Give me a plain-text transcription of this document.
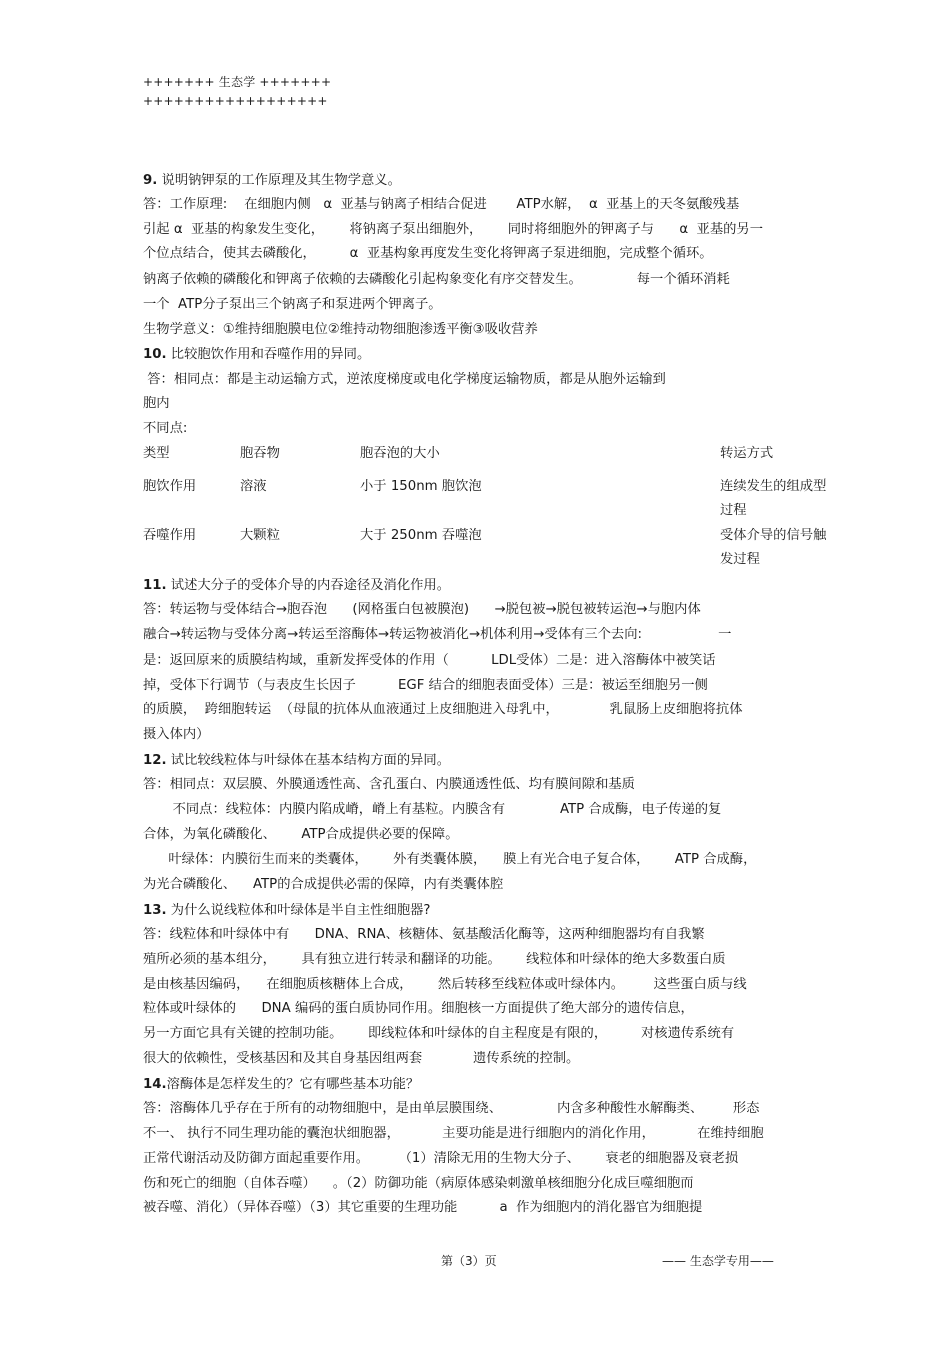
+++++++ 生态学 +++++++
++++++++++++++++++
9. 说明钠钾泵的工作原理及其生物学意义。
答：工作原理:    在细胞内侧   α  亚基与钠离子相结合促进       ATP水解，  α  亚基上的天冬氨酸残基
引起 α  亚基的构象发生变化，      将钠离子泵出细胞外，      同时将细胞外的钾离子与      α  亚基的另一
个位点结合，使其去磷酸化，        α  亚基构象再度发生变化将钾离子泵进细胞，完成整个循环。
钠离子依赖的磷酸化和钾离子依赖的去磷酸化引起构象变化有序交替发生。             每一个循环消耗
一个  ATP分子泵出三个钠离子和泵进两个钾离子。
生物学意义：①维持细胞膜电位②维持动物细胞渗透平衡③吸收营养
10. 比较胞饮作用和吞噬作用的异同。
答：相同点：都是主动运输方式，逆浓度梯度或电化学梯度运输物质，都是从胞外运输到
胞内
不同点:
类型	胞吞物	胞吞泡的大小	转运方式
胞饮作用	溶液	小于 150nm 胞饮泡	连续发生的组成型
过程
吞噬作用	大颗粒	大于 250nm 吞噬泡	受体介导的信号触
发过程
11. 试述大分子的受体介导的内吞途径及消化作用。
答：转运物与受体结合→胞吞泡      (网格蛋白包被膜泡)      →脱包被→脱包被转运泡→与胞内体
融合→转运物与受体分离→转运至溶酶体→转运物被消化→机体利用→受体有三个去向:                  一
是：返回原来的质膜结构域，重新发挥受体的作用（          LDL受体）二是：进入溶酶体中被笑话
掉，受体下行调节（与表皮生长因子          EGF 结合的细胞表面受体）三是：被运至细胞另一侧
的质膜，  跨细胞转运  （母鼠的抗体从血液通过上皮细胞进入母乳中，            乳鼠肠上皮细胞将抗体
摄入体内）
12. 试比较线粒体与叶绿体在基本结构方面的异同。
答：相同点：双层膜、外膜通透性高、含孔蛋白、内膜通透性低、均有膜间隙和基质
不同点：线粒体：内膜内陷成嵴，嵴上有基粒。内膜含有             ATP 合成酶，电子传递的复
合体，为氧化磷酸化、      ATP合成提供必要的保障。
叶绿体：内膜衍生而来的类囊体，      外有类囊体膜，    膜上有光合电子复合体，      ATP 合成酶，
为光合磷酸化、    ATP的合成提供必需的保障，内有类囊体腔
13. 为什么说线粒体和叶绿体是半自主性细胞器?
答：线粒体和叶绿体中有      DNA、RNA、核糖体、氨基酸活化酶等，这两种细胞器均有自我繁
殖所必须的基本组分，      具有独立进行转录和翻译的功能。      线粒体和叶绿体的绝大多数蛋白质
是由核基因编码，    在细胞质核糖体上合成，      然后转移至线粒体或叶绿体内。       这些蛋白质与线
粒体或叶绿体的      DNA 编码的蛋白质协同作用。细胞核一方面提供了绝大部分的遗传信息，
另一方面它具有关键的控制功能。      即线粒体和叶绿体的自主程度是有限的，        对核遗传系统有
很大的依赖性，受核基因和及其自身基因组两套            遗传系统的控制。
14.溶酶体是怎样发生的？它有哪些基本功能？
答：溶酶体几乎存在于所有的动物细胞中，是由单层膜围绕、             内含多种酸性水解酶类、       形态
不一、 执行不同生理功能的囊泡状细胞器，          主要功能是进行细胞内的消化作用，          在维持细胞
正常代谢活动及防御方面起重要作用。       （1）清除无用的生物大分子、      衰老的细胞器及衰老损
伤和死亡的细胞（自体吞噬）    。（2）防御功能（病原体感染刺激单核细胞分化成巨噬细胞而
被吞噬、消化）（异体吞噬）（3）其它重要的生理功能          a  作为细胞内的消化器官为细胞提
第（3）页	—— 生态学专用——
